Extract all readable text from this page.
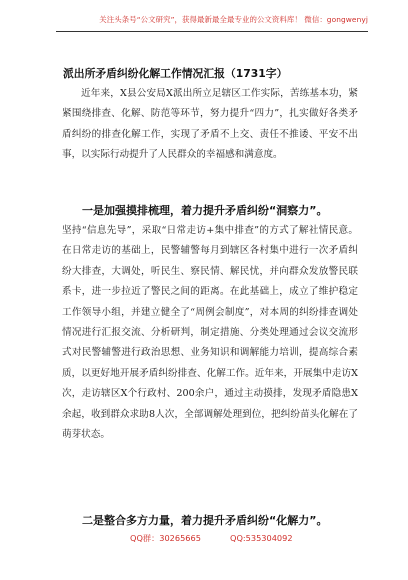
关注头条号“公文研究”，获得最新最全最专业的公文资料库！ 微信：gongwenyj
派出所矛盾纠纷化解工作情况汇报（1731字）

近年来，X县公安局X派出所立足辖区工作实际，苦练基本功，紧紧围绕排查、化解、防范等环节，努力提升“四力”，扎实做好各类矛盾纠纷的排查化解工作，实现了矛盾不上交、责任不推诿、平安不出事，以实际行动提升了人民群众的幸福感和满意度。

一是加强摸排梳理，着力提升矛盾纠纷“洞察力”。

坚持“信息先导”，采取“日常走访+集中排查”的方式了解社情民意。在日常走访的基础上，民警辅警每月到辖区各村集中进行一次矛盾纠纷大排查，大调处，听民生、察民情、解民忧，并向群众发放警民联系卡，进一步拉近了警民之间的距离。在此基础上，成立了维护稳定工作领导小组，并建立健全了“周例会制度”，对本周的纠纷排查调处情况进行汇报交流、分析研判，制定措施、分类处理通过会议交流形式对民警辅警进行政治思想、业务知识和调解能力培训，提高综合素质，以更好地开展矛盾纠纷排查、化解工作。近年来，开展集中走访X次，走访辖区X个行政村、200余户，通过主动摸排，发现矛盾隐患X余起，收到群众求助8人次，全部调解处理到位，把纠纷苗头化解在了萌芽状态。

二是整合多方力量，着力提升矛盾纠纷“化解力”。
QQ群：30265665	QQ:535304092
